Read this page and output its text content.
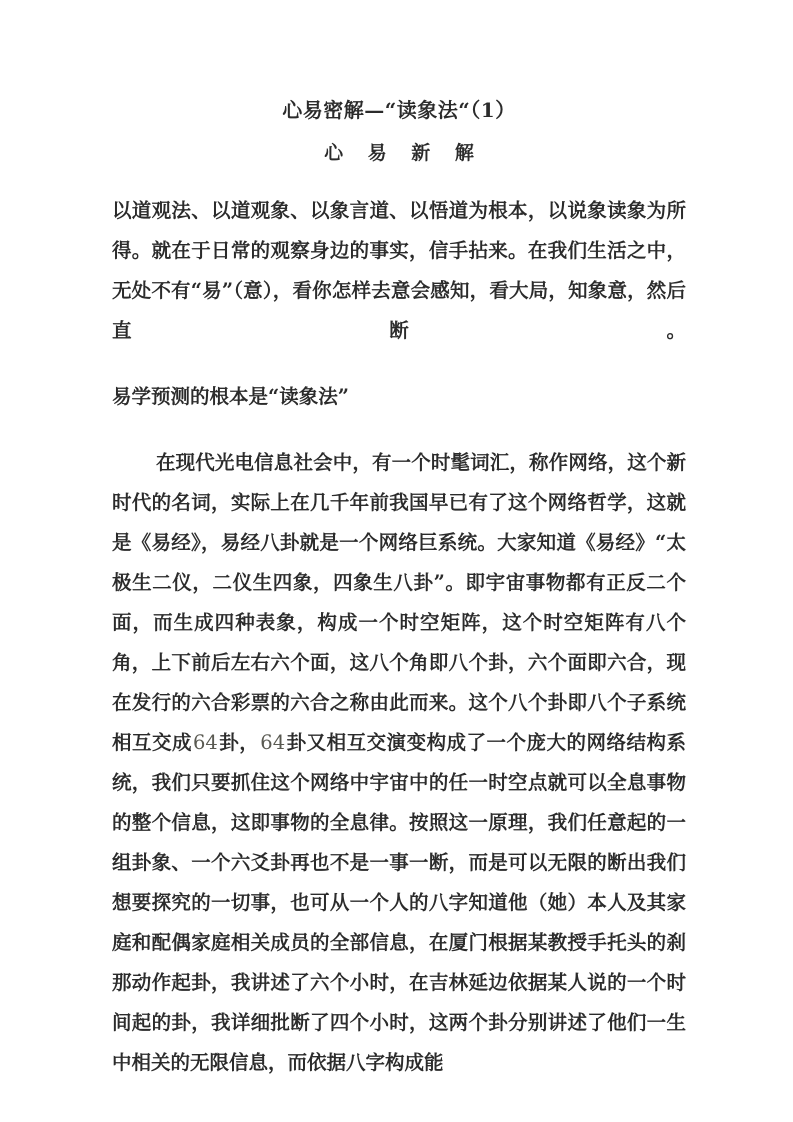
心易密解—“读象法“（1）
心 易 新 解

以道观法、以道观象、以象言道、以悟道为根本，以说象读象为所得。就在于日常的观察身边的事实，信手拈来。在我们生活之中，无处不有“易”（意），看你怎样去意会感知，看大局，知象意，然后直断。

易学预测的根本是“读象法”

在现代光电信息社会中，有一个时髦词汇，称作网络，这个新时代的名词，实际上在几千年前我国早已有了这个网络哲学，这就是《易经》，易经八卦就是一个网络巨系统。大家知道《易经》“太极生二仪，二仪生四象，四象生八卦”。即宇宙事物都有正反二个面，而生成四种表象，构成一个时空矩阵，这个时空矩阵有八个角，上下前后左右六个面，这八个角即八个卦，六个面即六合，现在发行的六合彩票的六合之称由此而来。这个八个卦即八个子系统相互交成64卦，64卦又相互交演变构成了一个庞大的网络结构系统，我们只要抓住这个网络中宇宙中的任一时空点就可以全息事物的整个信息，这即事物的全息律。按照这一原理，我们任意起的一组卦象、一个六爻卦再也不是一事一断，而是可以无限的断出我们想要探究的一切事，也可从一个人的八字知道他（她）本人及其家庭和配偶家庭相关成员的全部信息，在厦门根据某教授手托头的刹那动作起卦，我讲述了六个小时，在吉林延边依据某人说的一个时间起的卦，我详细批断了四个小时，这两个卦分别讲述了他们一生中相关的无限信息，而依据八字构成能
